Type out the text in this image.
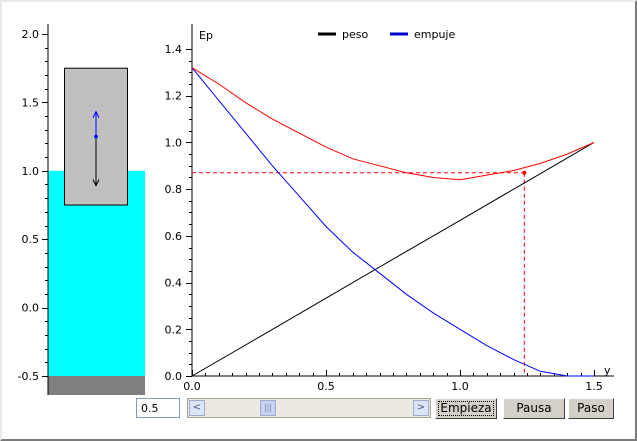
2.0
1.5
1.0
0.5
0.0
-0.5	0.0
0.2
0.4
0.6
0.8
1.0
1.2
1.4
0.0	0.5	1.0	1.5
Ep
y
peso	empuje
0.5	<	|||	>	Empieza	Pausa	Paso
